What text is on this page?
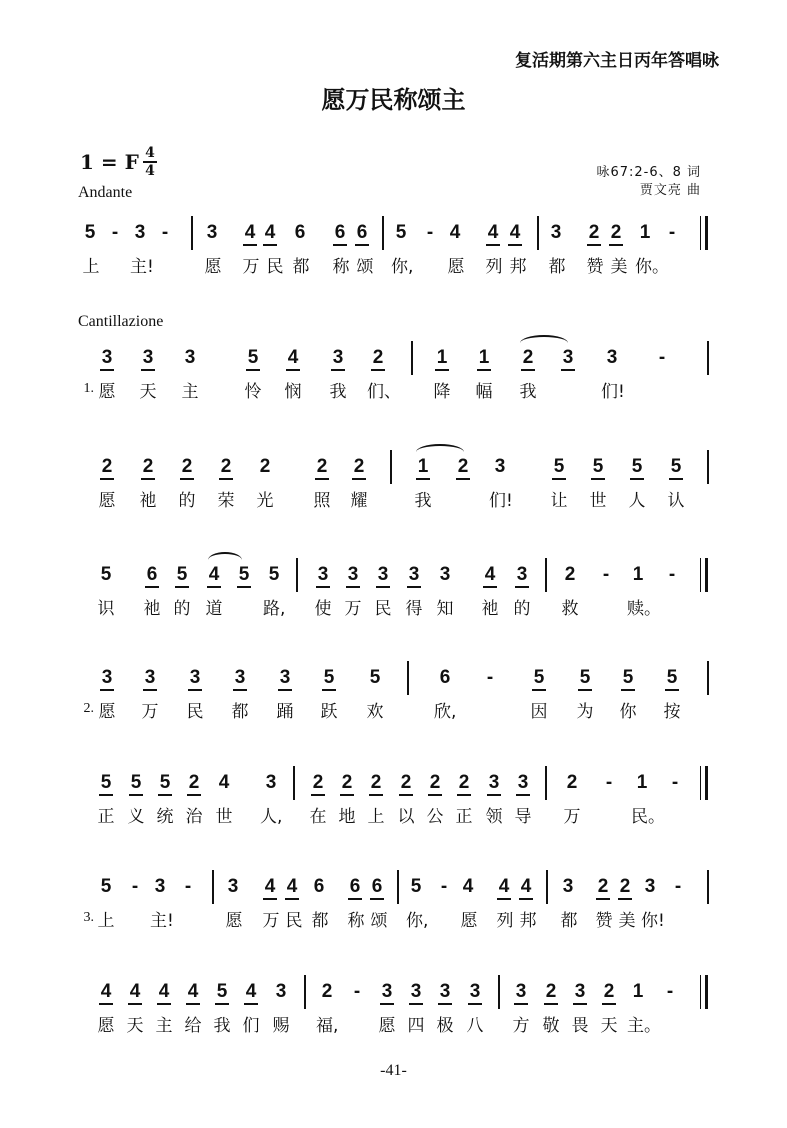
复活期第六主日丙年答唱咏
愿万民称颂主
1 = F 4
4
Andante
咏67:2-6、8 词
贾文亮 曲
Cantillazione
5 - 3 -	3 4 4 6 6 6 5	- 4 4 4 3 2 2 1 -
上 主!	愿 万 民 都 称 颂 你, 愿 列 邦 都 赞 美 你。
3 3 3	5 4 3 2	1 1 2 3 3	-
1. 愿 天 主	怜 悯 我 们、 降 幅 我	们!
2 2 2 2 2 2 2	1 2 3	5 5 5 5
愿 祂 的 荣 光 照 耀	我	们! 让 世 人 认
5 6 5 4 5 5 3 3 3 3 3 4 3 2	-	1	-
识 祂 的 道 路, 使 万 民 得 知 祂 的 救	赎。
3 3 3 3 3 5 5	6	-	5 5 5 5
2. 愿 万 民 都 踊 跃 欢	欣,	因 为 你 按
5 5 5 2 4 3 2 2 2 2 2 2 3 3 2	-	1	-
正 义 统 治 世 人, 在 地 上 以 公 正 领 导 万	民。
5	- 3	-	3 4 4 6 6 6 5	- 4 4 4 3 2 2 3	-
3. 上 主!	愿 万 民 都 称 颂 你, 愿 列 邦 都 赞 美 你!
4 4 4 4 5 4 3 2	-	3 3 3 3 3 2 3 2 1	-
愿 天 主 给 我 们 赐 福, 愿 四 极 八 方 敬 畏 天 主。
-41-
